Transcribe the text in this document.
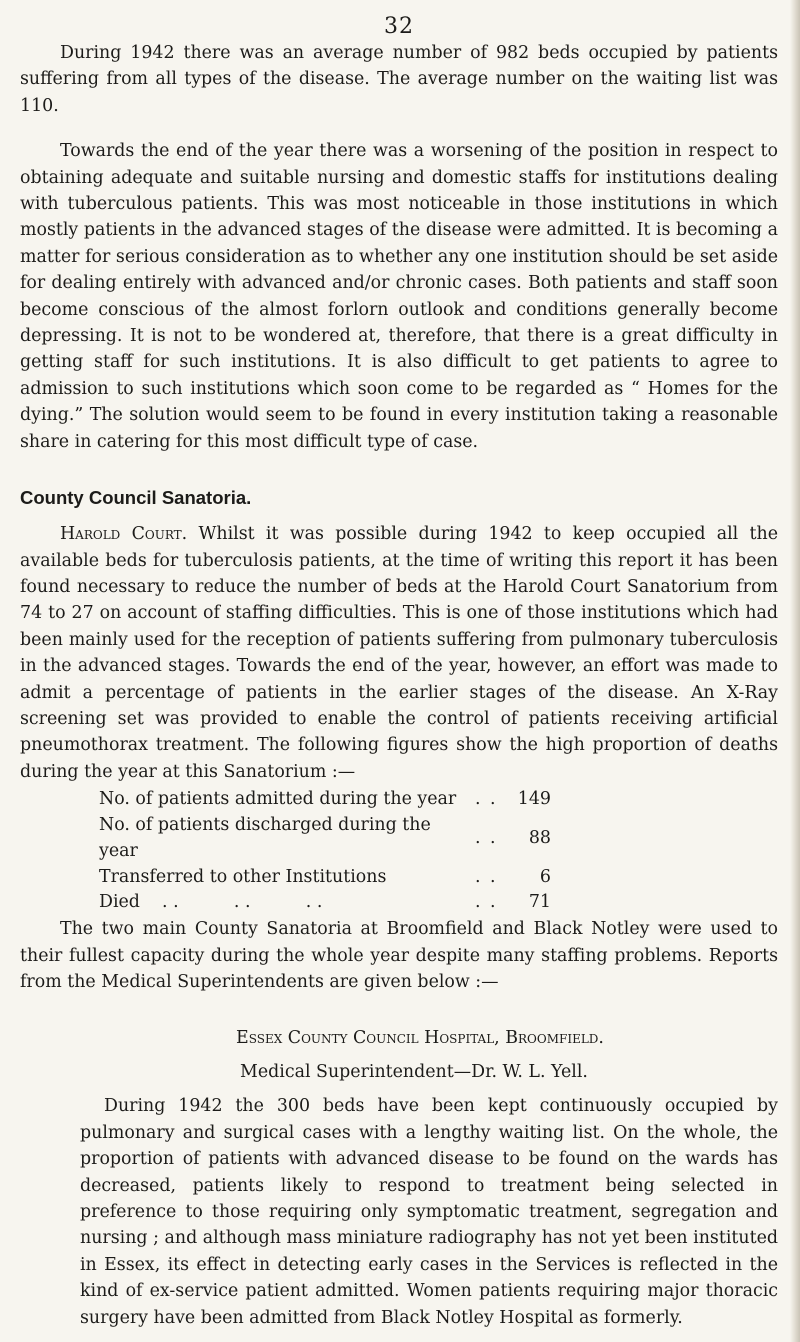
32

During 1942 there was an average number of 982 beds occupied by patients suffering from all types of the disease. The average number on the waiting list was 110.

Towards the end of the year there was a worsening of the position in respect to obtaining adequate and suitable nursing and domestic staffs for institutions dealing with tuberculous patients. This was most noticeable in those institutions in which mostly patients in the advanced stages of the disease were admitted. It is becoming a matter for serious consideration as to whether any one institution should be set aside for dealing entirely with advanced and/or chronic cases. Both patients and staff soon become conscious of the almost forlorn outlook and conditions generally become depressing. It is not to be wondered at, therefore, that there is a great difficulty in getting staff for such institutions. It is also difficult to get patients to agree to admission to such institutions which soon come to be regarded as “ Homes for the dying.” The solution would seem to be found in every institution taking a reasonable share in catering for this most difficult type of case.

County Council Sanatoria.

Harold Court. Whilst it was possible during 1942 to keep occupied all the available beds for tuberculosis patients, at the time of writing this report it has been found necessary to reduce the number of beds at the Harold Court Sanatorium from 74 to 27 on account of staffing difficulties. This is one of those institutions which had been mainly used for the reception of patients suffering from pulmonary tuberculosis in the advanced stages. Towards the end of the year, however, an effort was made to admit a percentage of patients in the earlier stages of the disease. An X-Ray screening set was provided to enable the control of patients receiving artificial pneumothorax treatment. The following figures show the high proportion of deaths during the year at this Sanatorium :—

No. of patients admitted during the year	. .	149
No. of patients discharged during the year	. .	88
Transferred to other Institutions	. .	6
Died    . .          . .          . .	. .	71

The two main County Sanatoria at Broomfield and Black Notley were used to their fullest capacity during the whole year despite many staffing problems. Reports from the Medical Superintendents are given below :—

Essex County Council Hospital, Broomfield.
Medical Superintendent—Dr. W. L. Yell.

During 1942 the 300 beds have been kept continuously occupied by pulmonary and surgical cases with a lengthy waiting list. On the whole, the proportion of patients with advanced disease to be found on the wards has decreased, patients likely to respond to treatment being selected in preference to those requiring only symptomatic treatment, segregation and nursing ; and although mass miniature radiography has not yet been instituted in Essex, its effect in detecting early cases in the Services is reflected in the kind of ex-service patient admitted. Women patients requiring major thoracic surgery have been admitted from Black Notley Hospital as formerly.
